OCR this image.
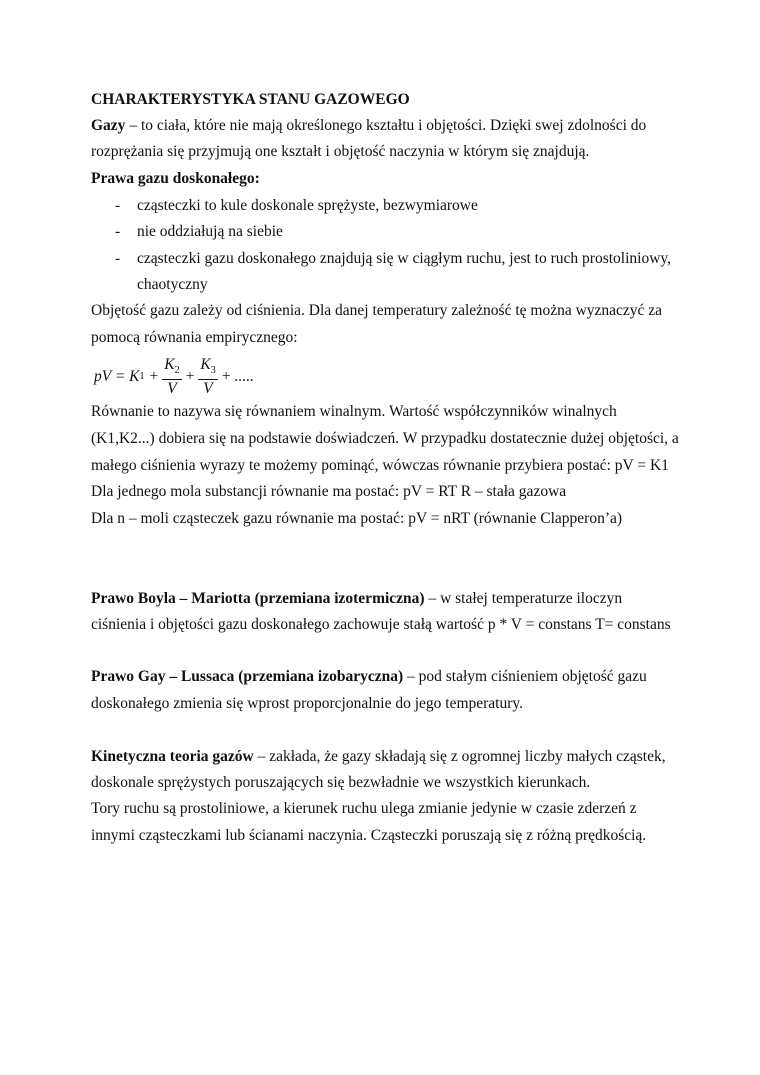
CHARAKTERYSTYKA STANU GAZOWEGO
Gazy – to ciała, które nie mają określonego kształtu i objętości. Dzięki swej zdolności do
rozprężania się przyjmują one kształt i objętość naczynia w którym się znajdują.
Prawa gazu doskonałego:
- cząsteczki to kule doskonale sprężyste, bezwymiarowe
- nie oddziałują na siebie
- cząsteczki gazu doskonałego znajdują się w ciągłym ruchu, jest to ruch prostoliniowy,
chaotyczny
Objętość gazu zależy od ciśnienia. Dla danej temperatury zależność tę można wyznaczyć za
pomocą równania empirycznego:
pV = K $1 + \frac{K_2}{V} + \frac{K_3}{V}$ + .....
Równanie to nazywa się równaniem winalnym. Wartość współczynników winalnych
(K1,K2...) dobiera się na podstawie doświadczeń. W przypadku dostatecznie dużej objętości, a
małego ciśnienia wyrazy te możemy pominąć, wówczas równanie przybiera postać: pV = K1
Dla jednego mola substancji równanie ma postać: pV = RT R – stała gazowa
Dla n – moli cząsteczek gazu równanie ma postać: pV = nRT (równanie Clapperon’a)
Prawo Boyla – Mariotta (przemiana izotermiczna) – w stałej temperaturze iloczyn
ciśnienia i objętości gazu doskonałego zachowuje stałą wartość p * V = constans T= constans
Prawo Gay – Lussaca (przemiana izobaryczna) – pod stałym ciśnieniem objętość gazu
doskonałego zmienia się wprost proporcjonalnie do jego temperatury.
Kinetyczna teoria gazów – zakłada, że gazy składają się z ogromnej liczby małych cząstek,
doskonale sprężystych poruszających się bezwładnie we wszystkich kierunkach.
Tory ruchu są prostoliniowe, a kierunek ruchu ulega zmianie jedynie w czasie zderzeń z
innymi cząsteczkami lub ścianami naczynia. Cząsteczki poruszają się z różną prędkością.
